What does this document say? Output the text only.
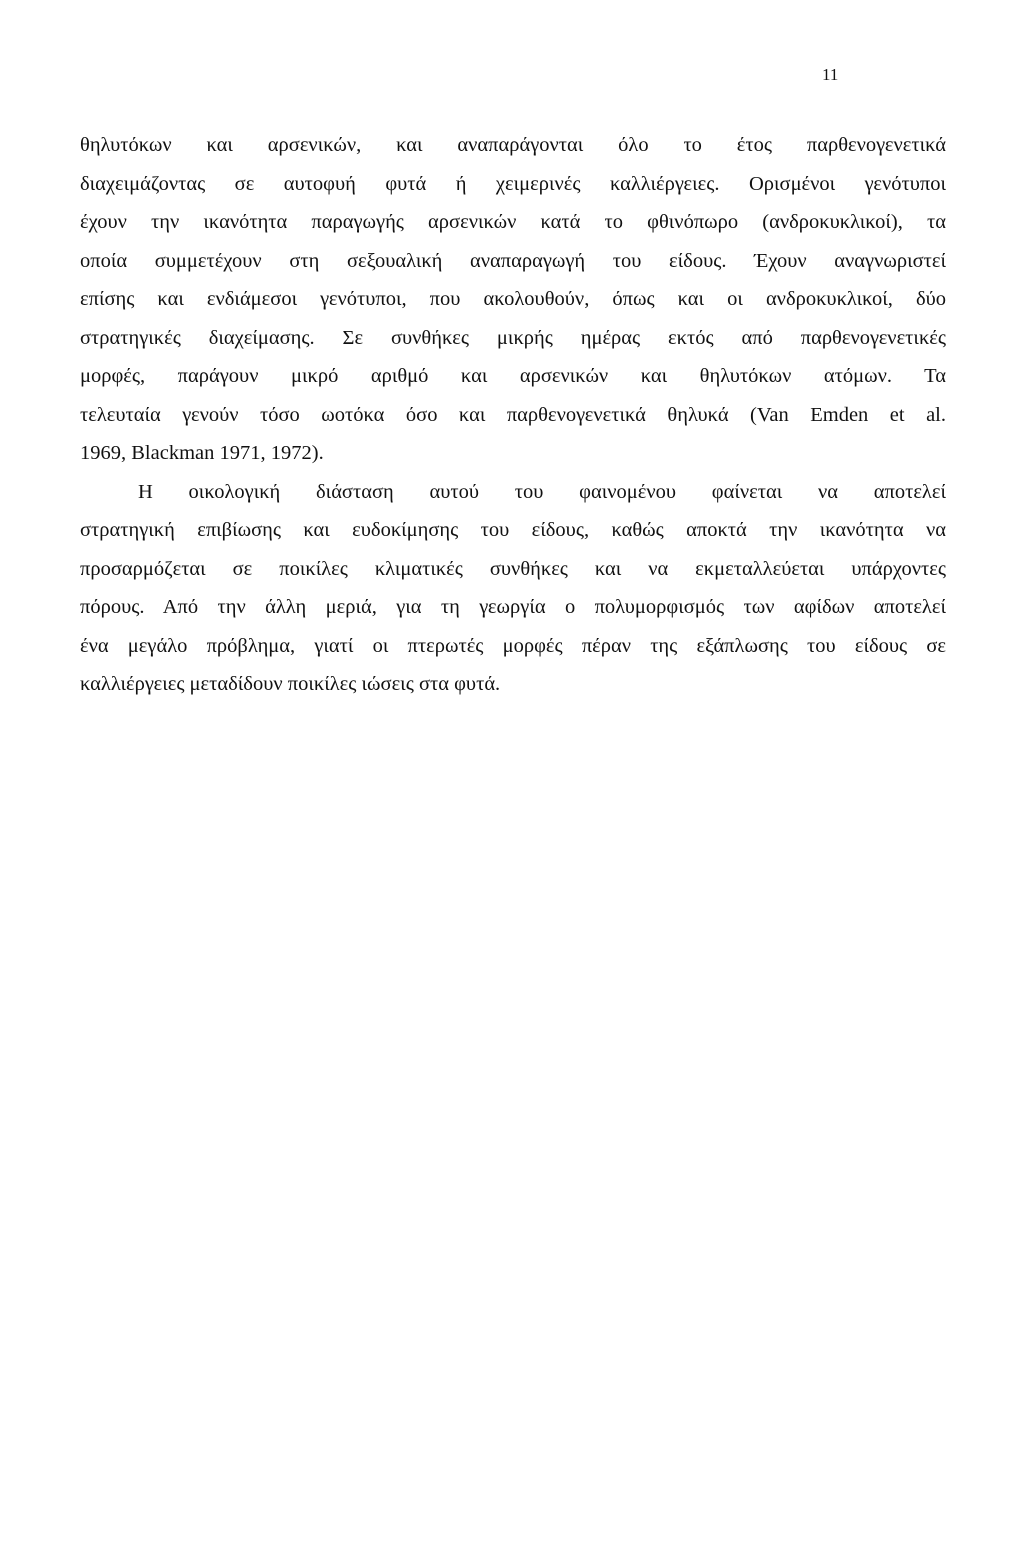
11
θηλυτόκων και αρσενικών, και αναπαράγονται όλο το έτος παρθενογενετικά
διαχειμάζοντας σε αυτοφυή φυτά ή χειμερινές καλλιέργειες. Ορισμένοι γενότυποι
έχουν την ικανότητα παραγωγής αρσενικών κατά το φθινόπωρο (ανδροκυκλικοί), τα
οποία συμμετέχουν στη σεξουαλική αναπαραγωγή του είδους. Έχουν αναγνωριστεί
επίσης και ενδιάμεσοι γενότυποι, που ακολουθούν, όπως και οι ανδροκυκλικοί, δύο
στρατηγικές διαχείμασης. Σε συνθήκες μικρής ημέρας εκτός από παρθενογενετικές
μορφές, παράγουν μικρό αριθμό και αρσενικών και θηλυτόκων ατόμων. Τα
τελευταία γενούν τόσο ωοτόκα όσο και παρθενογενετικά θηλυκά (Van Emden et al.
1969, Blackman 1971, 1972).
Η οικολογική διάσταση αυτού του φαινομένου φαίνεται να αποτελεί
στρατηγική επιβίωσης και ευδοκίμησης του είδους, καθώς αποκτά την ικανότητα να
προσαρμόζεται σε ποικίλες κλιματικές συνθήκες και να εκμεταλλεύεται υπάρχοντες
πόρους. Από την άλλη μεριά, για τη γεωργία ο πολυμορφισμός των αφίδων αποτελεί
ένα μεγάλο πρόβλημα, γιατί οι πτερωτές μορφές πέραν της εξάπλωσης του είδους σε
καλλιέργειες μεταδίδουν ποικίλες ιώσεις στα φυτά.
